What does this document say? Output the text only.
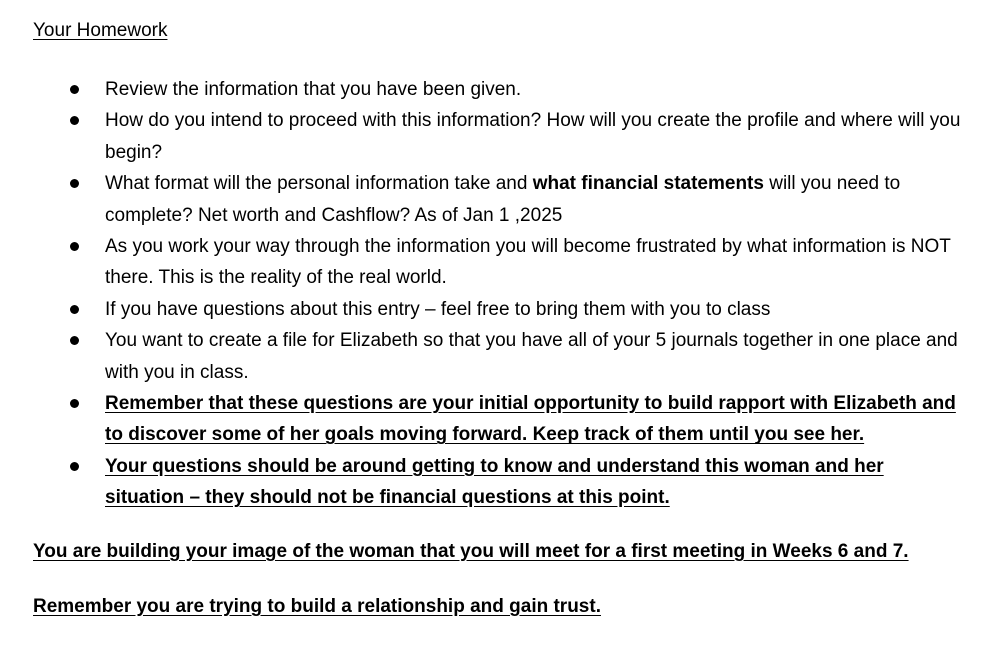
Your Homework
Review the information that you have been given.
How do you intend to proceed with this information? How will you create the profile and where will you begin?
What format will the personal information take and what financial statements will you need to complete? Net worth and Cashflow? As of Jan 1 ,2025
As you work your way through the information you will become frustrated by what information is NOT there. This is the reality of the real world.
If you have questions about this entry – feel free to bring them with you to class
You want to create a file for Elizabeth so that you have all of your 5 journals together in one place and with you in class.
Remember that these questions are your initial opportunity to build rapport with Elizabeth and to discover some of her goals moving forward. Keep track of them until you see her.
Your questions should be around getting to know and understand this woman and her situation – they should not be financial questions at this point.

You are building your image of the woman that you will meet for a first meeting in Weeks 6 and 7.

Remember you are trying to build a relationship and gain trust.
